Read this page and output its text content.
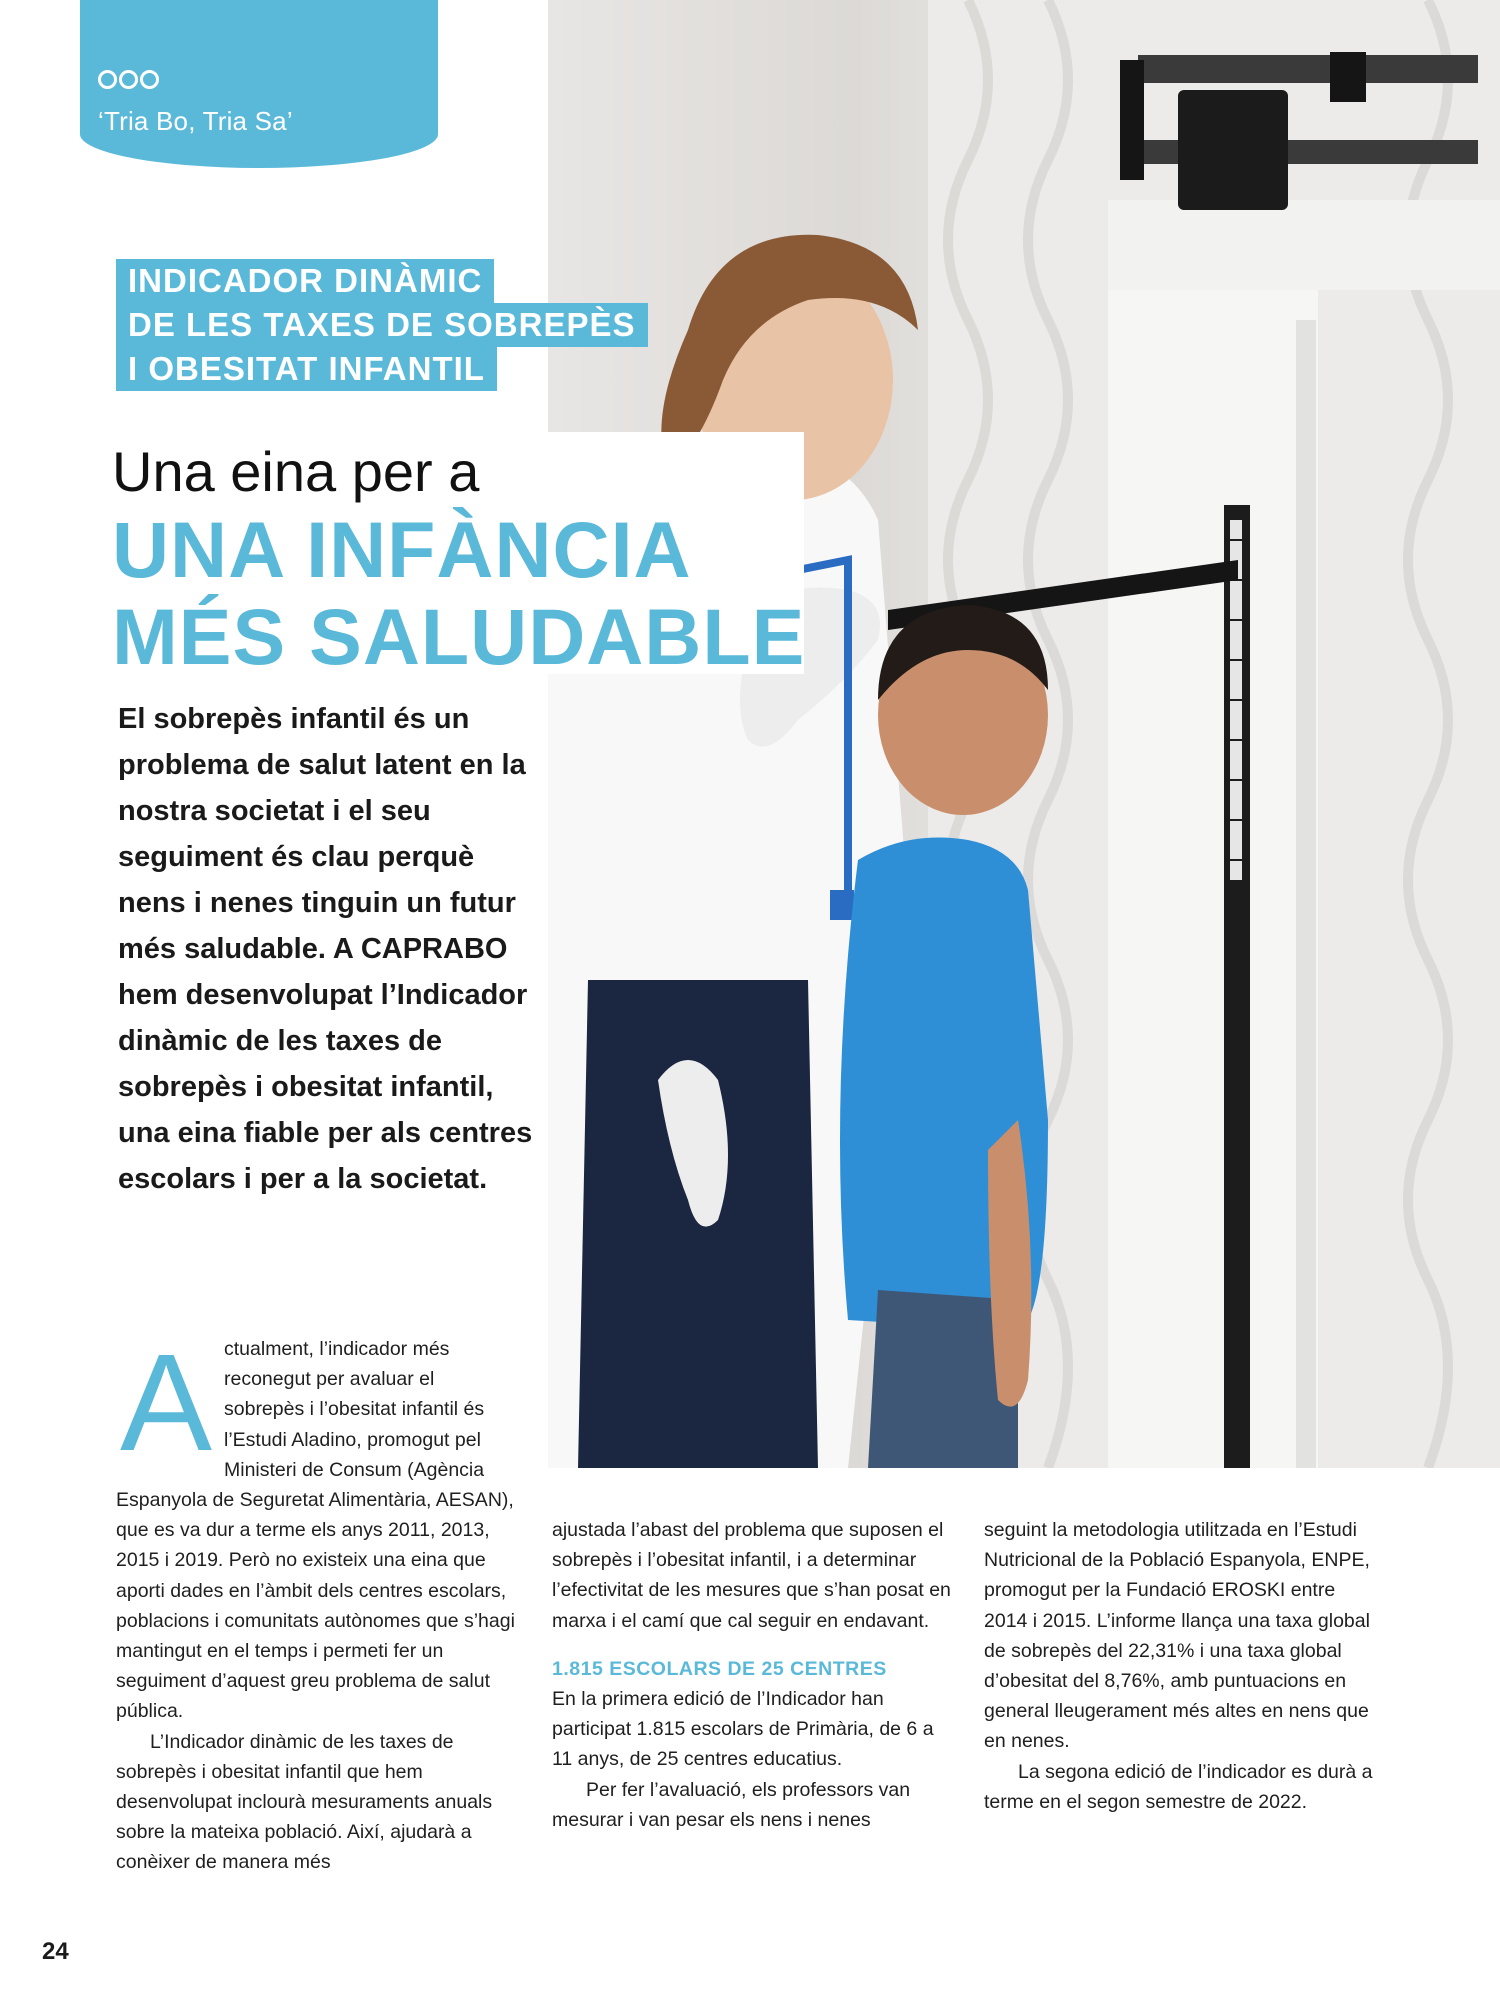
‘Tria Bo, Tria Sa’
INDICADOR DINÀMIC
DE LES TAXES DE SOBREPÈS
I OBESITAT INFANTIL
Una eina per a
UNA INFÀNCIA
MÉS SALUDABLE
El sobrepès infantil és un problema de salut latent en la nostra societat i el seu seguiment és clau perquè nens i nenes tinguin un futur més saludable. A CAPRABO hem desenvolupat l’Indicador dinàmic de les taxes de sobrepès i obesitat infantil, una eina fiable per als centres escolars i per a la societat.

A ctualment, l’indicador més reconegut per avaluar el sobrepès i l’obesitat infantil és l’Estudi Aladino, promogut pel Ministeri de Consum (Agència Espanyola de Seguretat Alimentària, AESAN), que es va dur a terme els anys 2011, 2013, 2015 i 2019. Però no existeix una eina que aporti dades en l’àmbit dels centres escolars, poblacions i comunitats autònomes que s’hagi mantingut en el temps i permeti fer un seguiment d’aquest greu problema de salut pública.

L’Indicador dinàmic de les taxes de sobrepès i obesitat infantil que hem desenvolupat inclourà mesuraments anuals sobre la mateixa població. Així, ajudarà a conèixer de manera més

ajustada l’abast del problema que suposen el sobrepès i l’obesitat infantil, i a determinar l’efectivitat de les mesures que s’han posat en marxa i el camí que cal seguir en endavant.

1.815 ESCOLARS DE 25 CENTRES

En la primera edició de l’Indicador han participat 1.815 escolars de Primària, de 6 a 11 anys, de 25 centres educatius.

Per fer l’avaluació, els professors van mesurar i van pesar els nens i nenes

seguint la metodologia utilitzada en l’Estudi Nutricional de la Població Espanyola, ENPE, promogut per la Fundació EROSKI entre 2014 i 2015. L’informe llança una taxa global de sobrepès del 22,31% i una taxa global d’obesitat del 8,76%, amb puntuacions en general lleugerament més altes en nens que en nenes.

La segona edició de l’indicador es durà a terme en el segon semestre de 2022.

24
